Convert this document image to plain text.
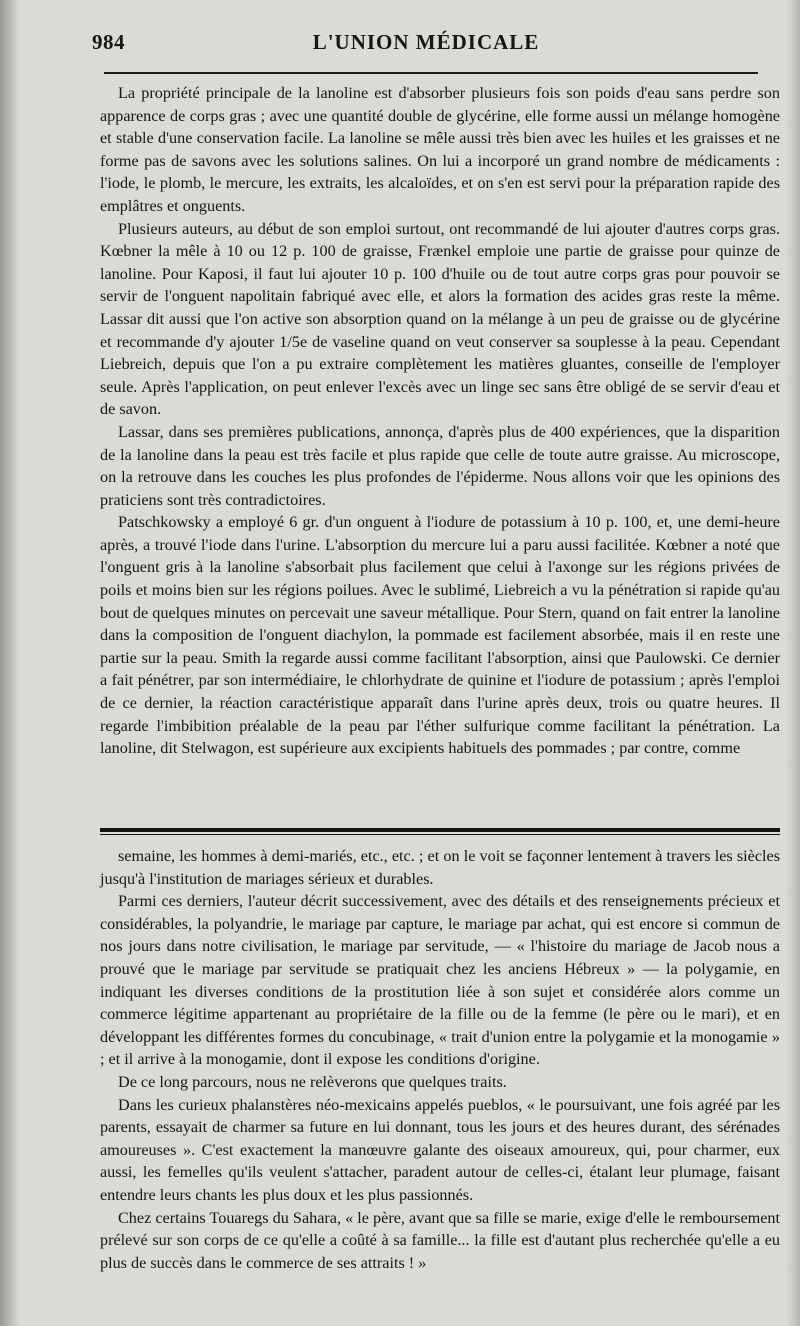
984	L'UNION MÉDICALE

La propriété principale de la lanoline est d'absorber plusieurs fois son poids d'eau sans perdre son apparence de corps gras ; avec une quantité double de glycérine, elle forme aussi un mélange homogène et stable d'une conservation facile. La lanoline se mêle aussi très bien avec les huiles et les graisses et ne forme pas de savons avec les solutions salines. On lui a incorporé un grand nombre de médicaments : l'iode, le plomb, le mercure, les extraits, les alcaloïdes, et on s'en est servi pour la préparation rapide des emplâtres et onguents.

Plusieurs auteurs, au début de son emploi surtout, ont recommandé de lui ajouter d'autres corps gras. Kœbner la mêle à 10 ou 12 p. 100 de graisse, Frænkel emploie une partie de graisse pour quinze de lanoline. Pour Kaposi, il faut lui ajouter 10 p. 100 d'huile ou de tout autre corps gras pour pouvoir se servir de l'onguent napolitain fabriqué avec elle, et alors la formation des acides gras reste la même. Lassar dit aussi que l'on active son absorption quand on la mélange à un peu de graisse ou de glycérine et recommande d'y ajouter 1/5e de vaseline quand on veut conserver sa souplesse à la peau. Cependant Liebreich, depuis que l'on a pu extraire complètement les matières gluantes, conseille de l'employer seule. Après l'application, on peut enlever l'excès avec un linge sec sans être obligé de se servir d'eau et de savon.

Lassar, dans ses premières publications, annonça, d'après plus de 400 expériences, que la disparition de la lanoline dans la peau est très facile et plus rapide que celle de toute autre graisse. Au microscope, on la retrouve dans les couches les plus profondes de l'épiderme. Nous allons voir que les opinions des praticiens sont très contradictoires.

Patschkowsky a employé 6 gr. d'un onguent à l'iodure de potassium à 10 p. 100, et, une demi-heure après, a trouvé l'iode dans l'urine. L'absorption du mercure lui a paru aussi facilitée. Kœbner a noté que l'onguent gris à la lanoline s'absorbait plus facilement que celui à l'axonge sur les régions privées de poils et moins bien sur les régions poilues. Avec le sublimé, Liebreich a vu la pénétration si rapide qu'au bout de quelques minutes on percevait une saveur métallique. Pour Stern, quand on fait entrer la lanoline dans la composition de l'onguent diachylon, la pommade est facilement absorbée, mais il en reste une partie sur la peau. Smith la regarde aussi comme facilitant l'absorption, ainsi que Paulowski. Ce dernier a fait pénétrer, par son intermédiaire, le chlorhydrate de quinine et l'iodure de potassium ; après l'emploi de ce dernier, la réaction caractéristique apparaît dans l'urine après deux, trois ou quatre heures. Il regarde l'imbibition préalable de la peau par l'éther sulfurique comme facilitant la pénétration. La lanoline, dit Stelwagon, est supérieure aux excipients habituels des pommades ; par contre, comme

semaine, les hommes à demi-mariés, etc., etc. ; et on le voit se façonner lentement à travers les siècles jusqu'à l'institution de mariages sérieux et durables.

Parmi ces derniers, l'auteur décrit successivement, avec des détails et des renseignements précieux et considérables, la polyandrie, le mariage par capture, le mariage par achat, qui est encore si commun de nos jours dans notre civilisation, le mariage par servitude, — « l'histoire du mariage de Jacob nous a prouvé que le mariage par servitude se pratiquait chez les anciens Hébreux » — la polygamie, en indiquant les diverses conditions de la prostitution liée à son sujet et considérée alors comme un commerce légitime appartenant au propriétaire de la fille ou de la femme (le père ou le mari), et en développant les différentes formes du concubinage, « trait d'union entre la polygamie et la monogamie » ; et il arrive à la monogamie, dont il expose les conditions d'origine.

De ce long parcours, nous ne relèverons que quelques traits.

Dans les curieux phalanstères néo-mexicains appelés pueblos, « le poursuivant, une fois agréé par les parents, essayait de charmer sa future en lui donnant, tous les jours et des heures durant, des sérénades amoureuses ». C'est exactement la manœuvre galante des oiseaux amoureux, qui, pour charmer, eux aussi, les femelles qu'ils veulent s'attacher, paradent autour de celles-ci, étalant leur plumage, faisant entendre leurs chants les plus doux et les plus passionnés.

Chez certains Touaregs du Sahara, « le père, avant que sa fille se marie, exige d'elle le remboursement prélevé sur son corps de ce qu'elle a coûté à sa famille... la fille est d'autant plus recherchée qu'elle a eu plus de succès dans le commerce de ses attraits ! »
